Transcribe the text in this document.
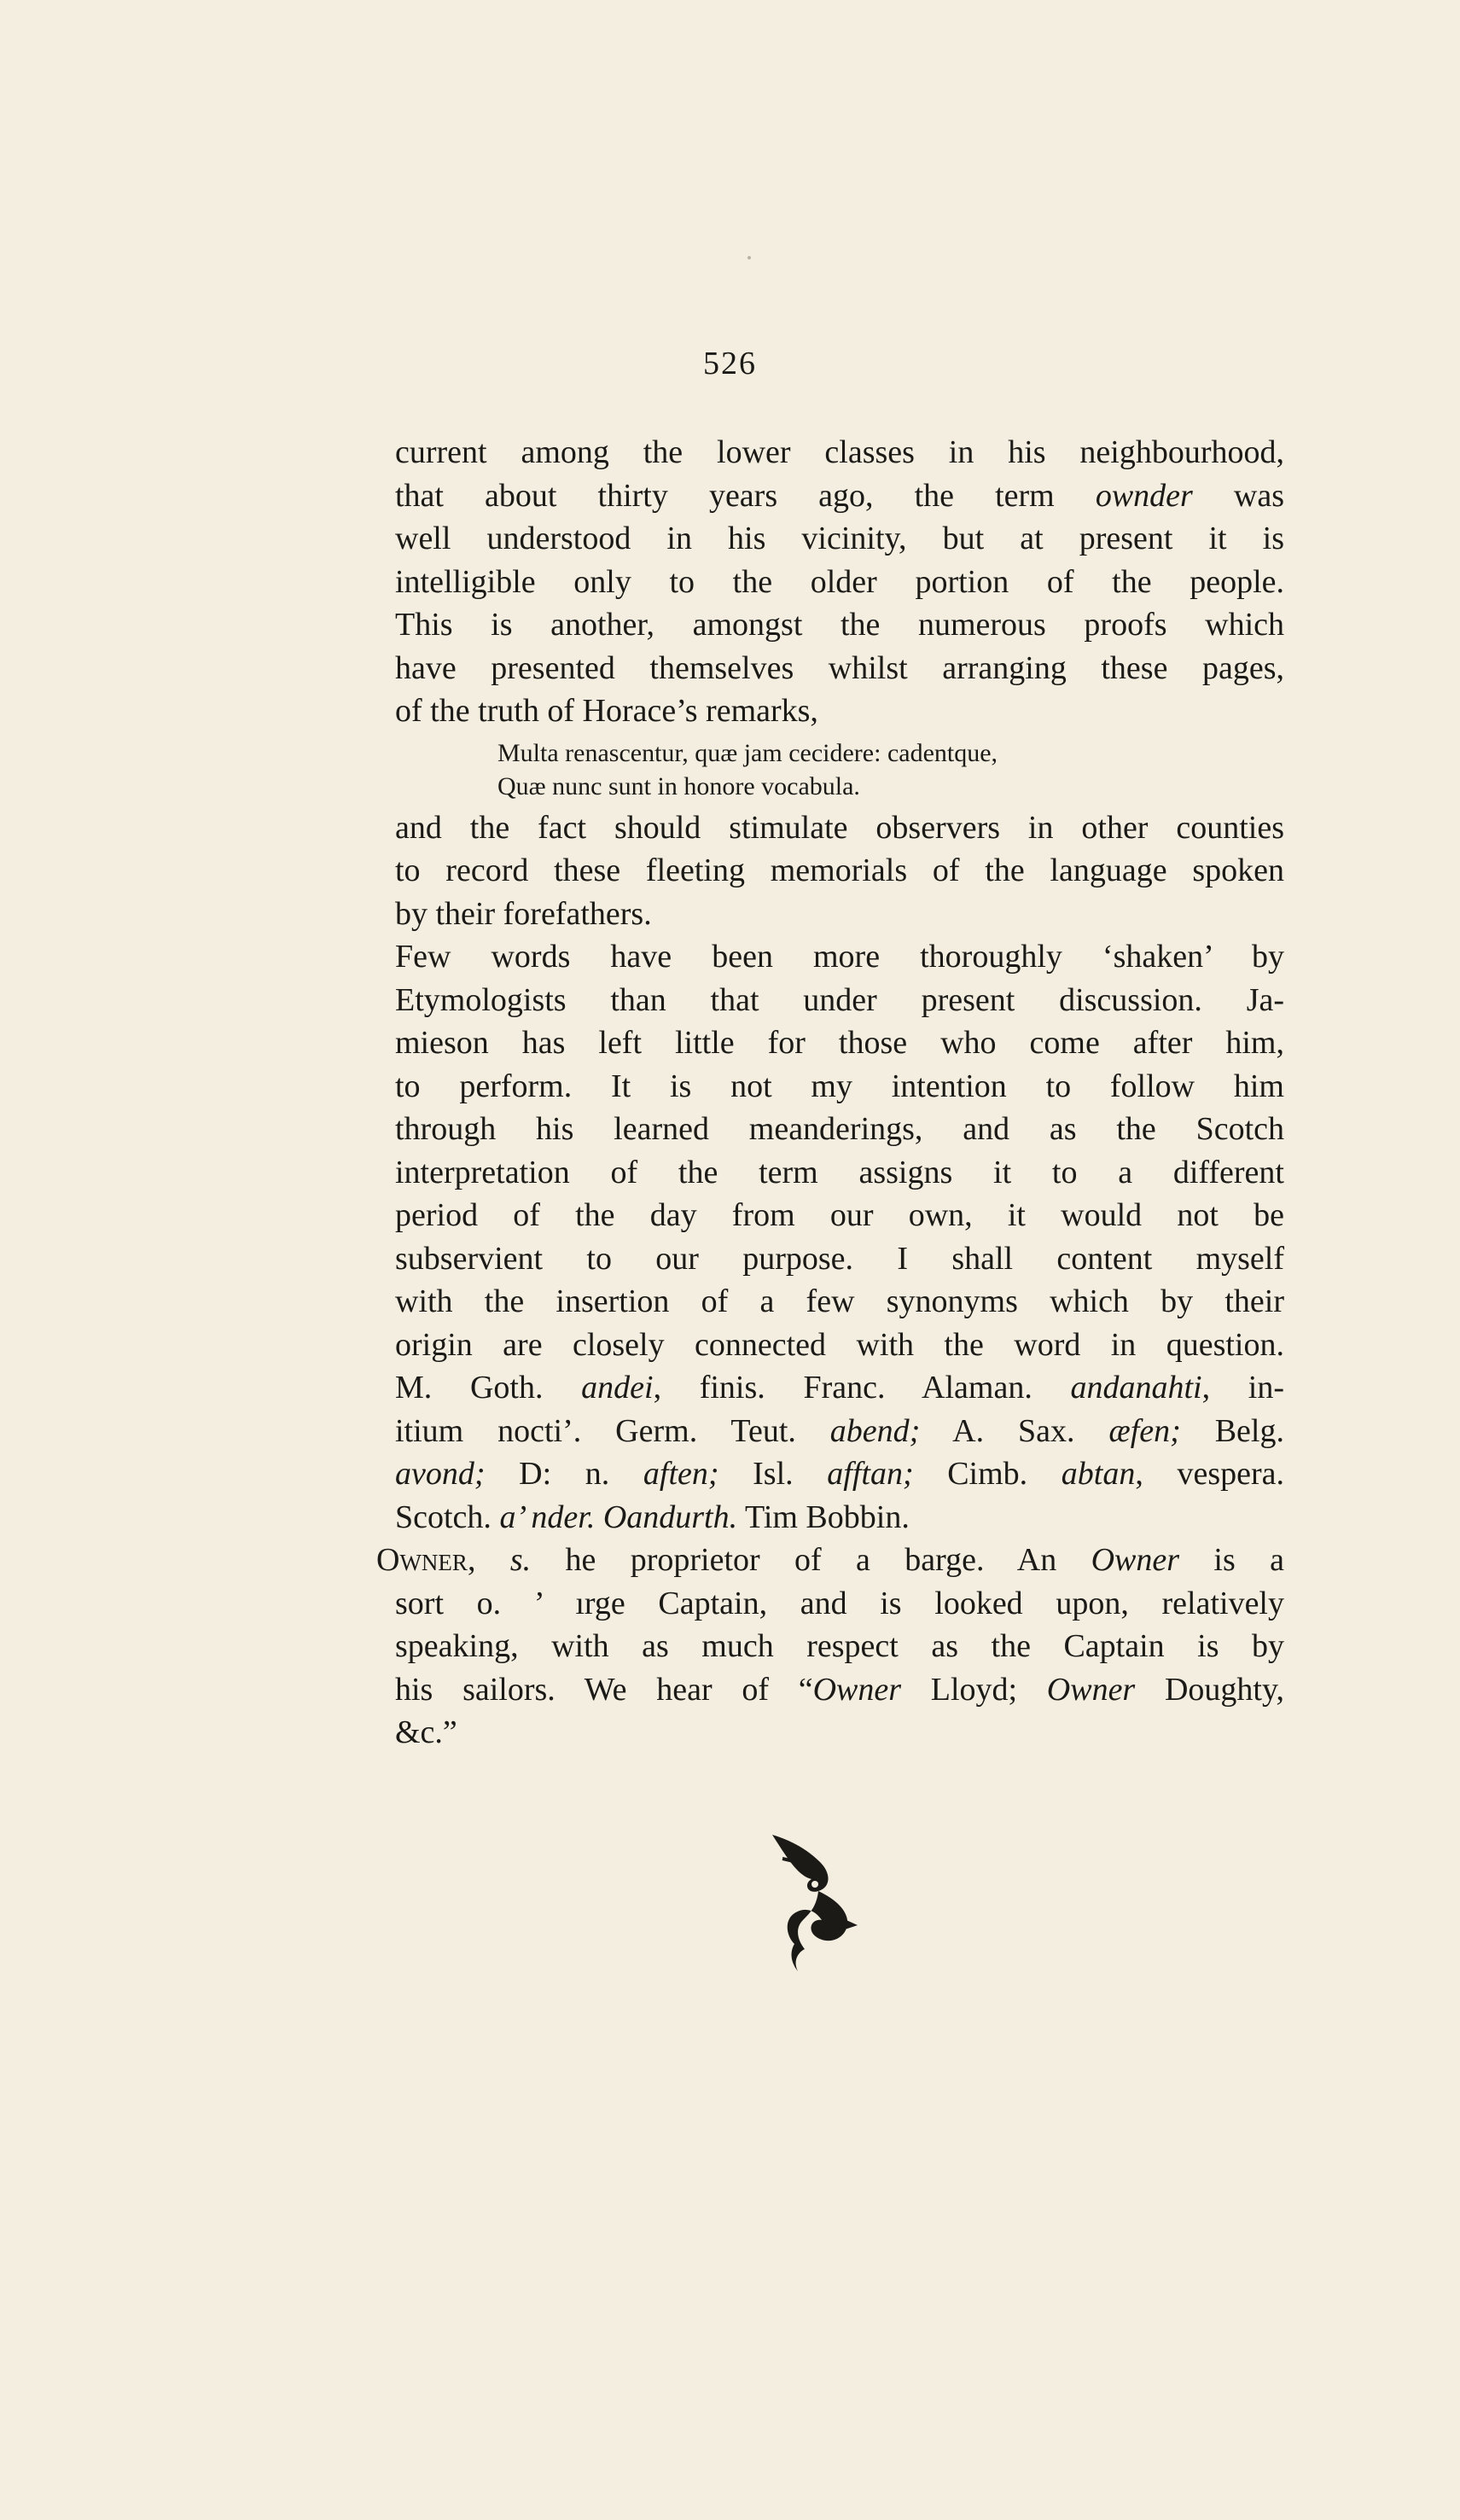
526
current among the lower classes in his neighbourhood,
that about thirty years ago, the term ownder was
well understood in his vicinity, but at present it is
intelligible only to the older portion of the people.
This is another, amongst the numerous proofs which
have presented themselves whilst arranging these pages,
of the truth of Horace’s remarks,
Multa renascentur, quæ jam cecidere: cadentque,
Quæ nunc sunt in honore vocabula.
and the fact should stimulate observers in other counties
to record these fleeting memorials of the language spoken
by their forefathers.
Few words have been more thoroughly ‘shaken’ by
Etymologists than that under present discussion. Ja-
mieson has left little for those who come after him,
to perform. It is not my intention to follow him
through his learned meanderings, and as the Scotch
interpretation of the term assigns it to a different
period of the day from our own, it would not be
subservient to our purpose. I shall content myself
with the insertion of a few synonyms which by their
origin are closely connected with the word in question.
M. Goth. andei, finis. Franc. Alaman. andanahti, in-
itium nocti’. Germ. Teut. abend; A. Sax. æfen; Belg.
avond; D: n. aften; Isl. afftan; Cimb. abtan, vespera.
Scotch. a’ nder. Oandurth. Tim Bobbin.
Owner, s. he proprietor of a barge. An Owner is a
sort o. ’ ırge Captain, and is looked upon, relatively
speaking, with as much respect as the Captain is by
his sailors. We hear of “Owner Lloyd; Owner Doughty,
&c.”
